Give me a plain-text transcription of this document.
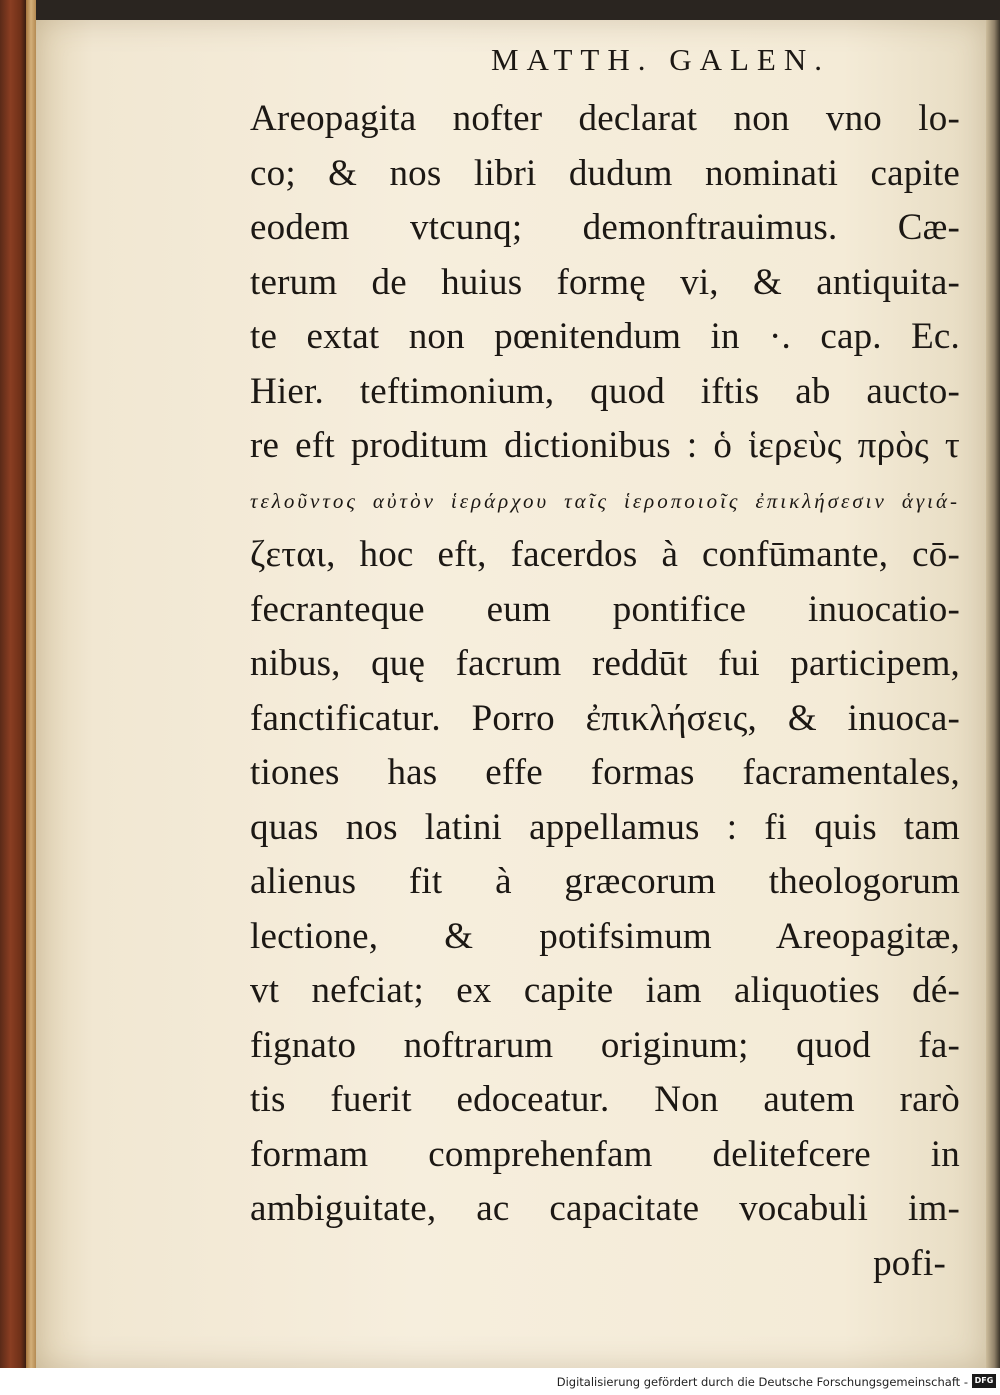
MATTH. GALEN.
Areopagita nofter declarat non vno lo-
co; & nos libri dudum nominati capite
eodem vtcunq; demonftrauimus. Cæ-
terum de huius formę vi, & antiquita-
te extat non pœnitendum in ·. cap. Ec.
Hier. teftimonium, quod iftis ab aucto-
re eft proditum dictionibus : ὁ ἱερεὺς πρὸς τ
τελοῦντος αὐτὸν ἱεράρχου ταῖς ἱεροποιοῖς ἐπικλήσεσιν ἁγιά-
ζεται, hoc eft, facerdos à confūmante, cō-
fecranteque eum pontifice inuocatio-
nibus, quę facrum reddūt fui participem,
fanctificatur. Porro ἐπικλήσεις, & inuoca-
tiones has effe formas facramentales,
quas nos latini appellamus : fi quis tam
alienus fit à græcorum theologorum
lectione, & potifsimum Areopagitæ,
vt nefciat; ex capite iam aliquoties dé-
fignato noftrarum originum; quod fa-
tis fuerit edoceatur. Non autem rarò
formam comprehenfam delitefcere in
ambiguitate, ac capacitate vocabuli im-
pofi-
Digitalisierung gefördert durch die Deutsche Forschungsgemeinschaft - DFG
